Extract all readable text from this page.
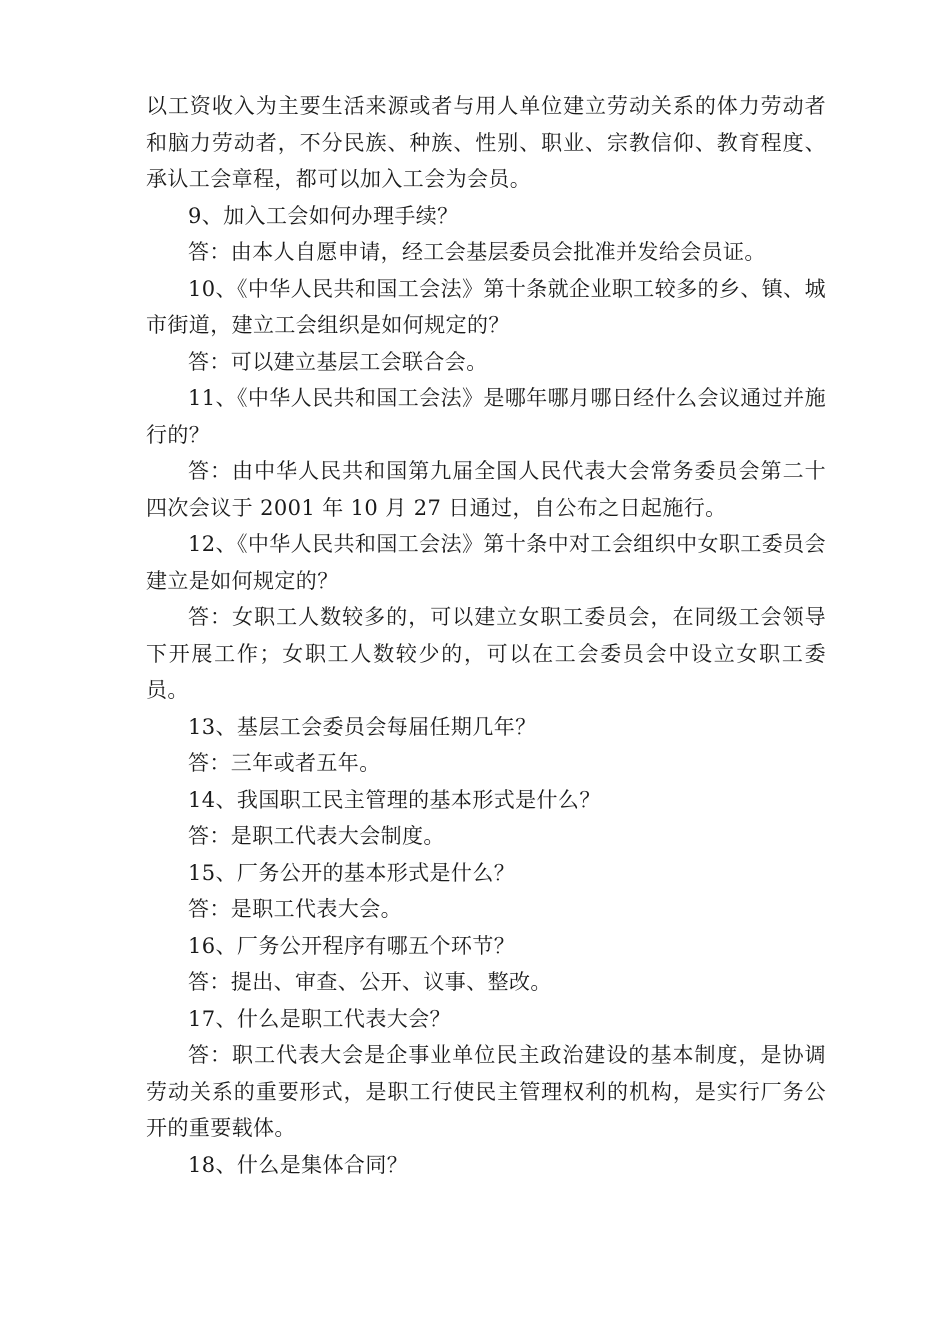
以工资收入为主要生活来源或者与用人单位建立劳动关系的体力劳动者和脑力劳动者，不分民族、种族、性别、职业、宗教信仰、教育程度、承认工会章程，都可以加入工会为会员。

9、加入工会如何办理手续？

答：由本人自愿申请，经工会基层委员会批准并发给会员证。

10、《中华人民共和国工会法》第十条就企业职工较多的乡、镇、城市街道，建立工会组织是如何规定的？

答：可以建立基层工会联合会。

11、《中华人民共和国工会法》是哪年哪月哪日经什么会议通过并施行的？

答：由中华人民共和国第九届全国人民代表大会常务委员会第二十四次会议于 2001 年 10 月 27 日通过，自公布之日起施行。

12、《中华人民共和国工会法》第十条中对工会组织中女职工委员会建立是如何规定的？

答：女职工人数较多的，可以建立女职工委员会，在同级工会领导下开展工作；女职工人数较少的，可以在工会委员会中设立女职工委员。

13、基层工会委员会每届任期几年？

答：三年或者五年。

14、我国职工民主管理的基本形式是什么？

答：是职工代表大会制度。

15、厂务公开的基本形式是什么？

答：是职工代表大会。

16、厂务公开程序有哪五个环节？

答：提出、审查、公开、议事、整改。

17、什么是职工代表大会？

答：职工代表大会是企事业单位民主政治建设的基本制度，是协调劳动关系的重要形式，是职工行使民主管理权利的机构，是实行厂务公开的重要载体。

18、什么是集体合同？
